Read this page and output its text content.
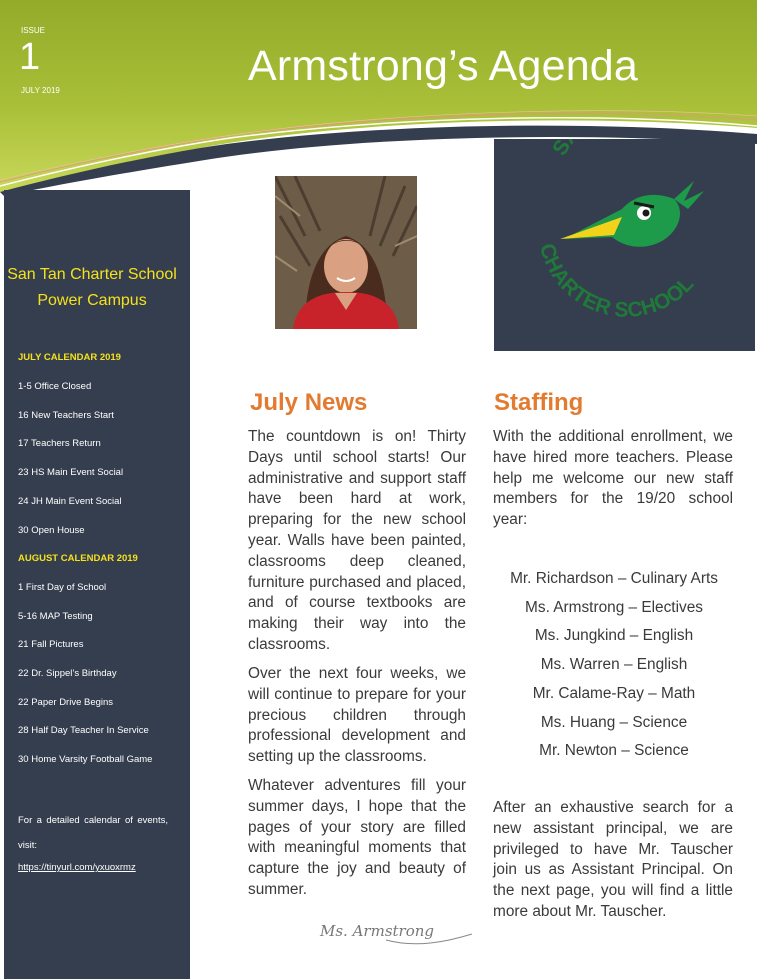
ISSUE
1
JULY 2019
Armstrong’s Agenda
San Tan Charter School Power Campus
JULY CALENDAR 2019
1-5 Office Closed
16 New Teachers Start
17 Teachers Return
23 HS Main Event Social
24 JH Main Event Social
30 Open House
AUGUST CALENDAR 2019
1 First Day of School
5-16 MAP Testing
21 Fall Pictures
22 Dr. Sippel’s Birthday
22 Paper Drive Begins
28 Half Day Teacher In Service
30 Home Varsity Football Game
For a detailed calendar of events, visit:
https://tinyurl.com/yxuoxrmz
S
CHARTER SCHOOL
July News
The countdown is on! Thirty Days until school starts! Our administrative and support staff have been hard at work, preparing for the new school year. Walls have been painted, classrooms deep cleaned, furniture purchased and placed, and of course textbooks are making their way into the classrooms.
Over the next four weeks, we will continue to prepare for your precious children through professional development and setting up the classrooms.
Whatever adventures fill your summer days, I hope that the pages of your story are filled with meaningful moments that capture the joy and beauty of summer.
Ms. Armstrong
Staffing
With the additional enrollment, we have hired more teachers. Please help me welcome our new staff members for the 19/20 school year:
Mr. Richardson – Culinary Arts
Ms. Armstrong – Electives
Ms. Jungkind – English
Ms. Warren – English
Mr. Calame-Ray – Math
Ms. Huang – Science
Mr. Newton – Science
After an exhaustive search for a new assistant principal, we are privileged to have Mr. Tauscher join us as Assistant Principal. On the next page, you will find a little more about Mr. Tauscher.
